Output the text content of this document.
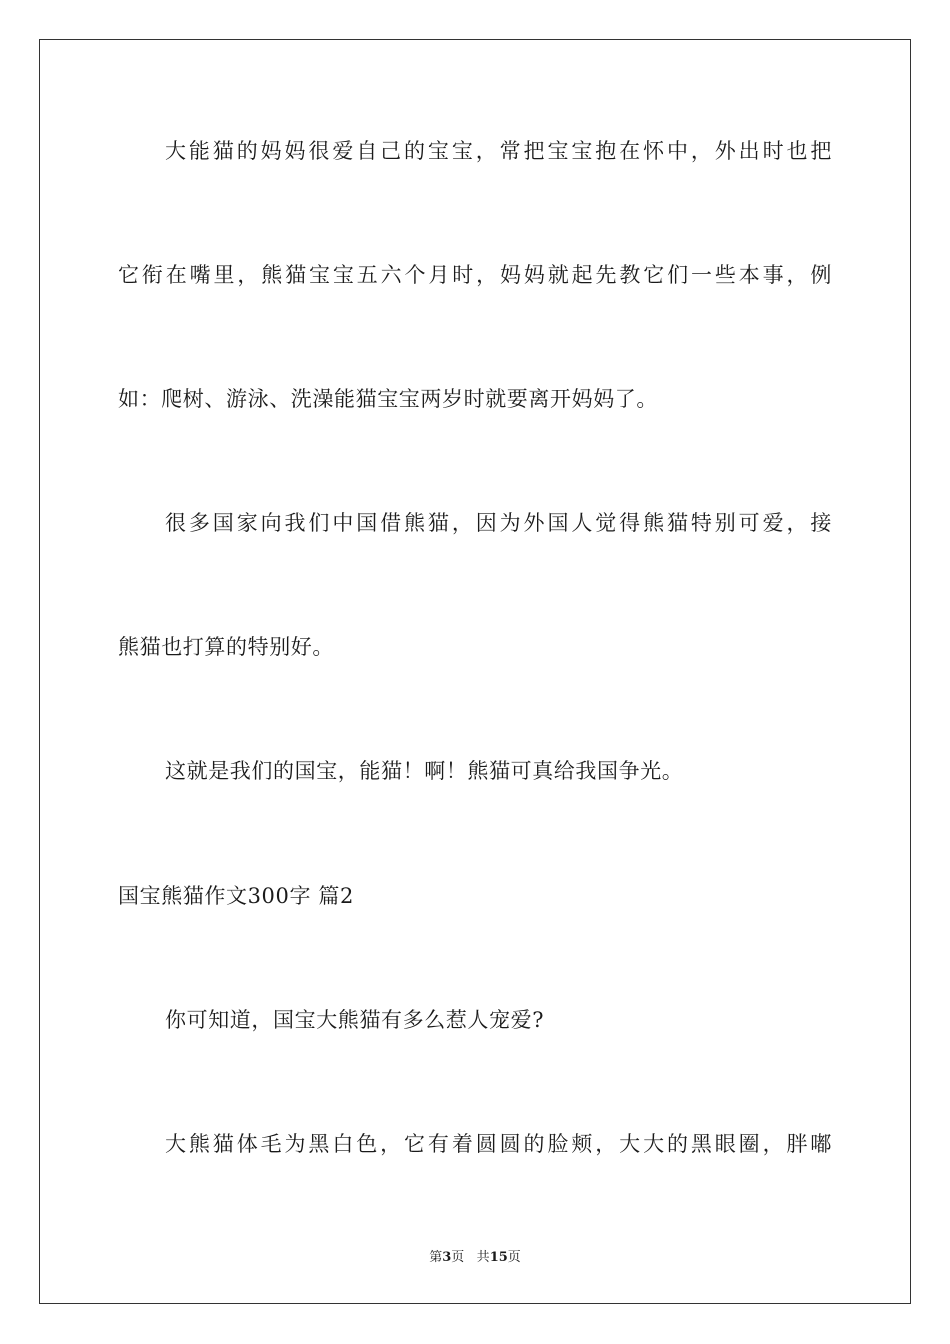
大能猫的妈妈很爱自己的宝宝，常把宝宝抱在怀中，外出时也把
它衔在嘴里，熊猫宝宝五六个月时，妈妈就起先教它们一些本事，例
如：爬树、游泳、洗澡能猫宝宝两岁时就要离开妈妈了。
很多国家向我们中国借熊猫，因为外国人觉得熊猫特别可爱，接
熊猫也打算的特别好。
这就是我们的国宝，能猫！啊！熊猫可真给我国争光。
国宝熊猫作文300字 篇2
你可知道，国宝大熊猫有多么惹人宠爱?
大熊猫体毛为黑白色，它有着圆圆的脸颊，大大的黑眼圈，胖嘟
第3页 共15页
